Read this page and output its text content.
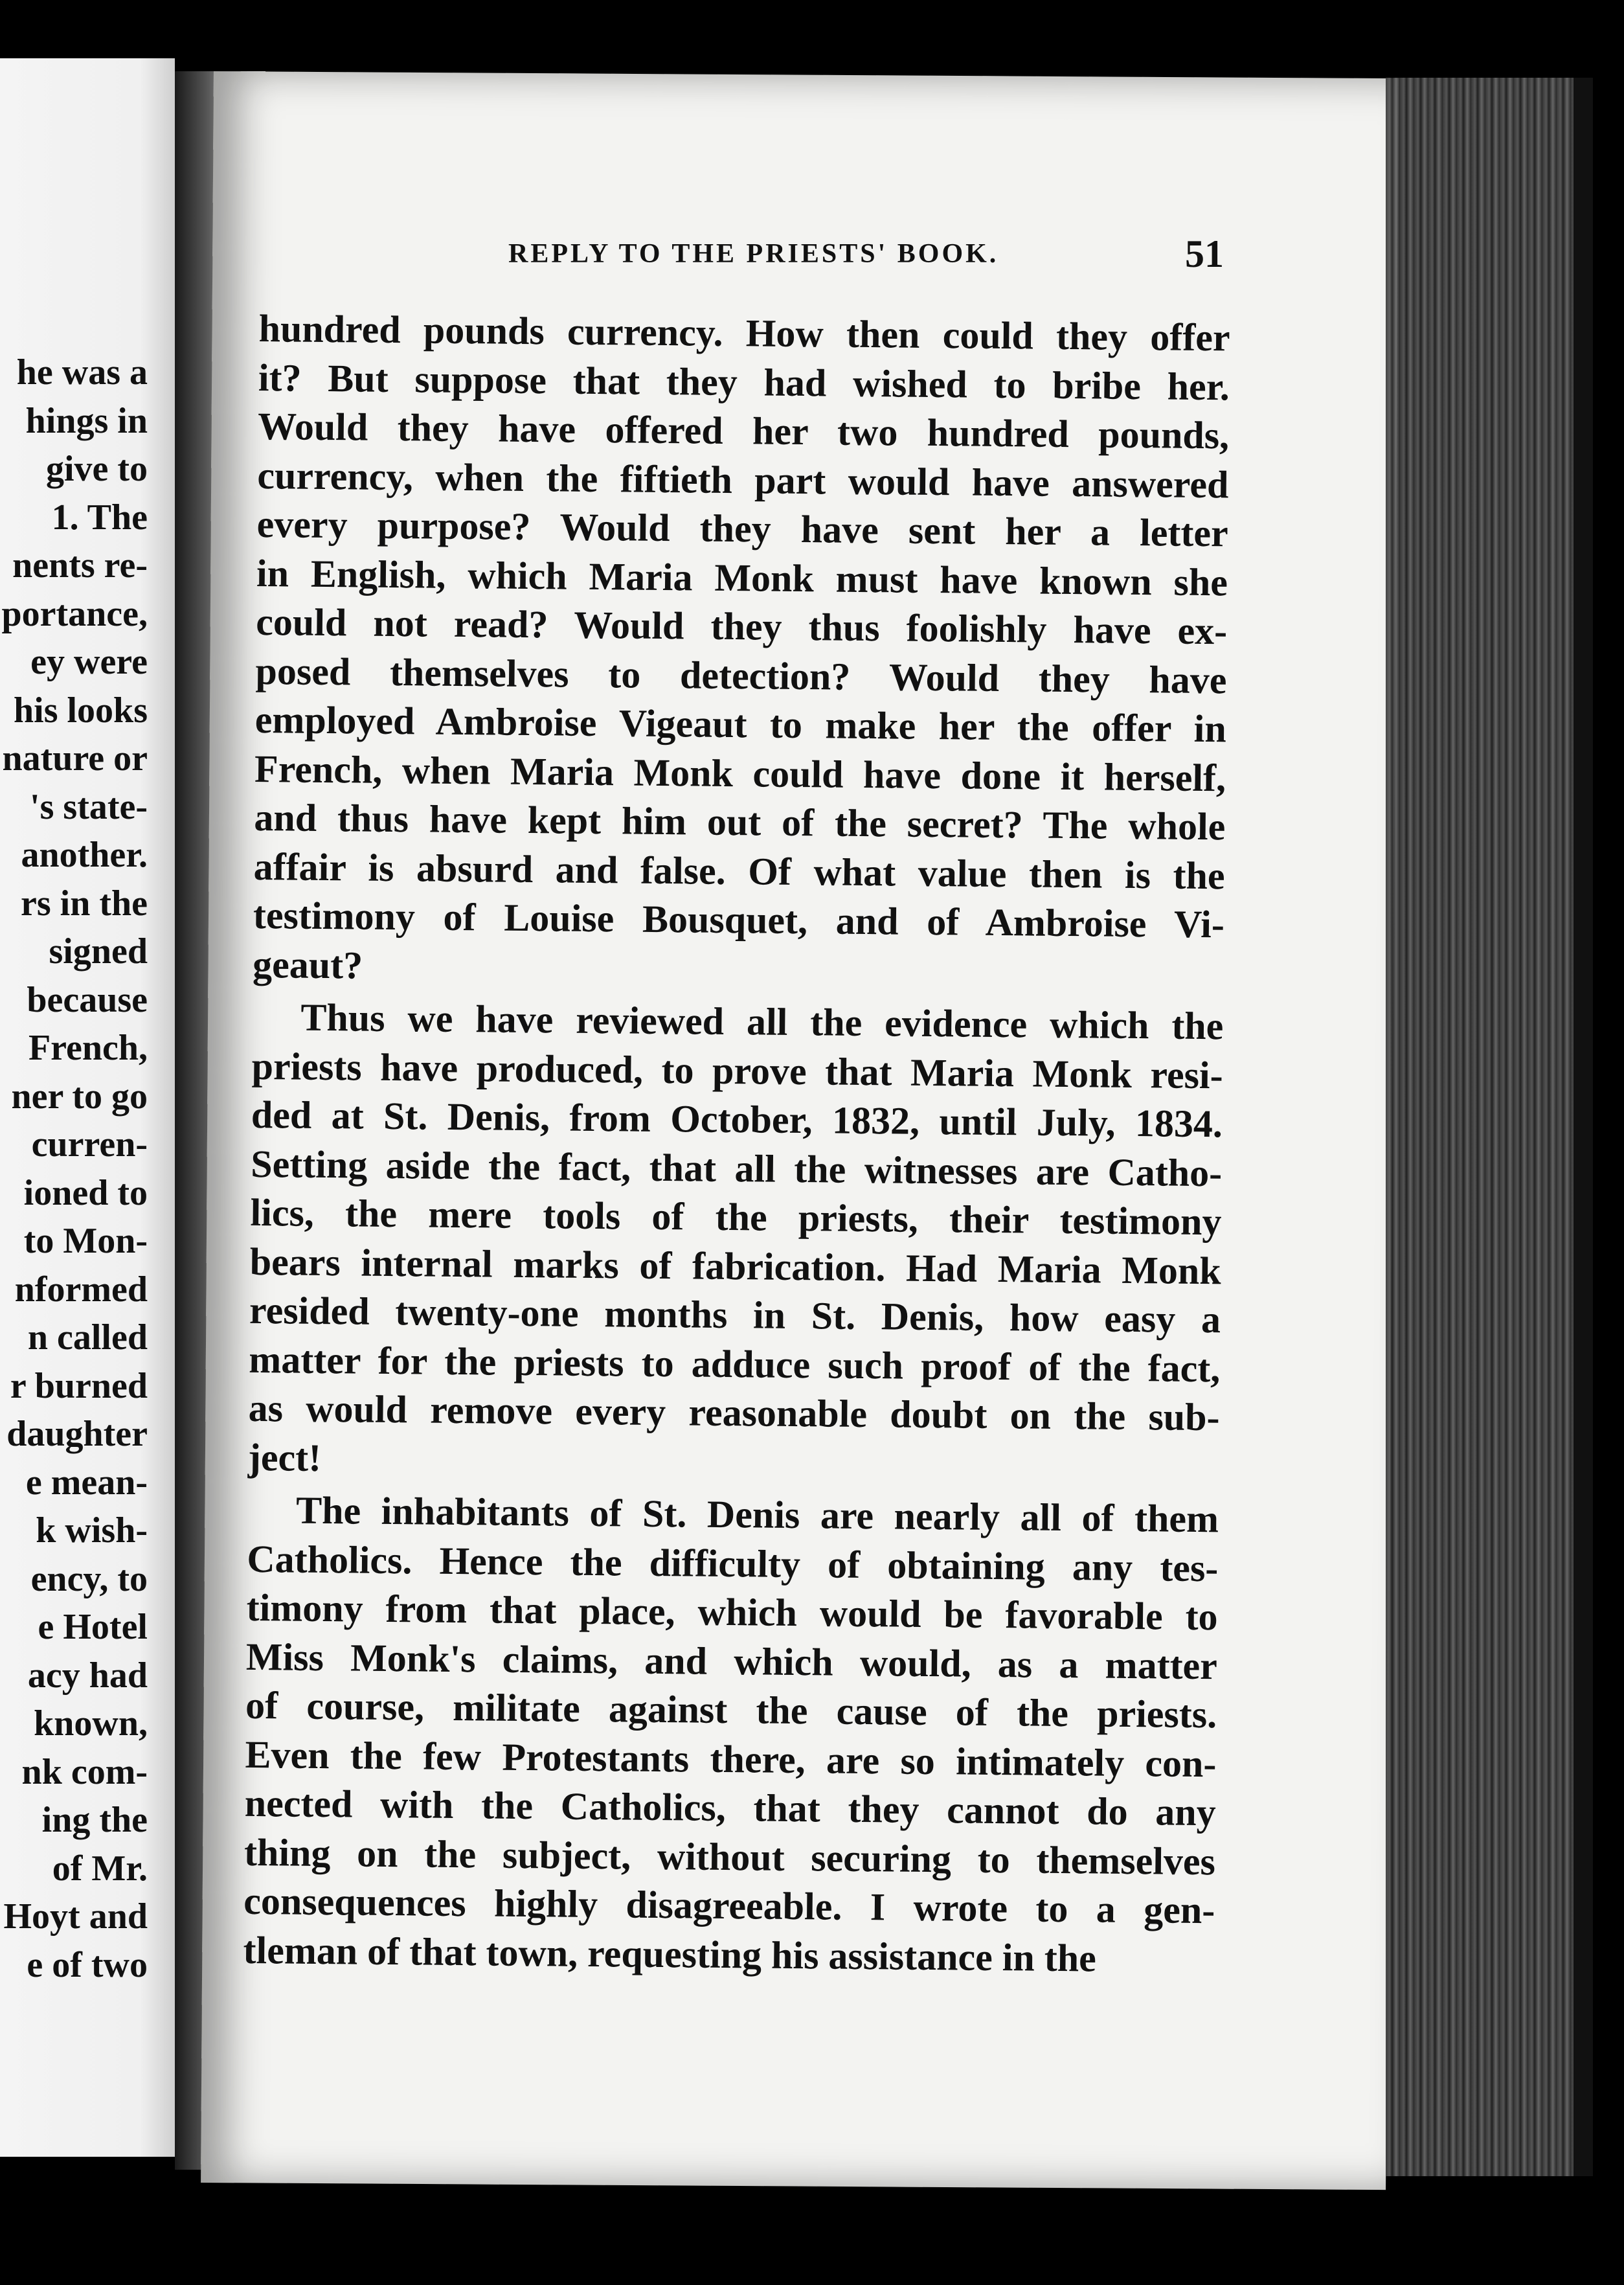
he was a
hings in
give to
1. The
nents re-
portance,
ey were
his looks
nature or
's state-
another.
rs in the
signed
because
French,
ner to go
curren-
ioned to
to Mon-
nformed
n called
r burned
daughter
e mean-
k wish-
ency, to
e Hotel
acy had
known,
nk com-
ing the
of Mr.
Hoyt and
e of two
REPLY TO THE PRIESTS' BOOK.	51
hundred pounds currency. How then could they offer
it? But suppose that they had wished to bribe her.
Would they have offered her two hundred pounds,
currency, when the fiftieth part would have answered
every purpose? Would they have sent her a letter
in English, which Maria Monk must have known she
could not read? Would they thus foolishly have ex-
posed themselves to detection? Would they have
employed Ambroise Vigeaut to make her the offer in
French, when Maria Monk could have done it herself,
and thus have kept him out of the secret? The whole
affair is absurd and false. Of what value then is the
testimony of Louise Bousquet, and of Ambroise Vi-
geaut?
Thus we have reviewed all the evidence which the
priests have produced, to prove that Maria Monk resi-
ded at St. Denis, from October, 1832, until July, 1834.
Setting aside the fact, that all the witnesses are Catho-
lics, the mere tools of the priests, their testimony
bears internal marks of fabrication. Had Maria Monk
resided twenty-one months in St. Denis, how easy a
matter for the priests to adduce such proof of the fact,
as would remove every reasonable doubt on the sub-
ject!
The inhabitants of St. Denis are nearly all of them
Catholics. Hence the difficulty of obtaining any tes-
timony from that place, which would be favorable to
Miss Monk's claims, and which would, as a matter
of course, militate against the cause of the priests.
Even the few Protestants there, are so intimately con-
nected with the Catholics, that they cannot do any
thing on the subject, without securing to themselves
consequences highly disagreeable. I wrote to a gen-
tleman of that town, requesting his assistance in the
